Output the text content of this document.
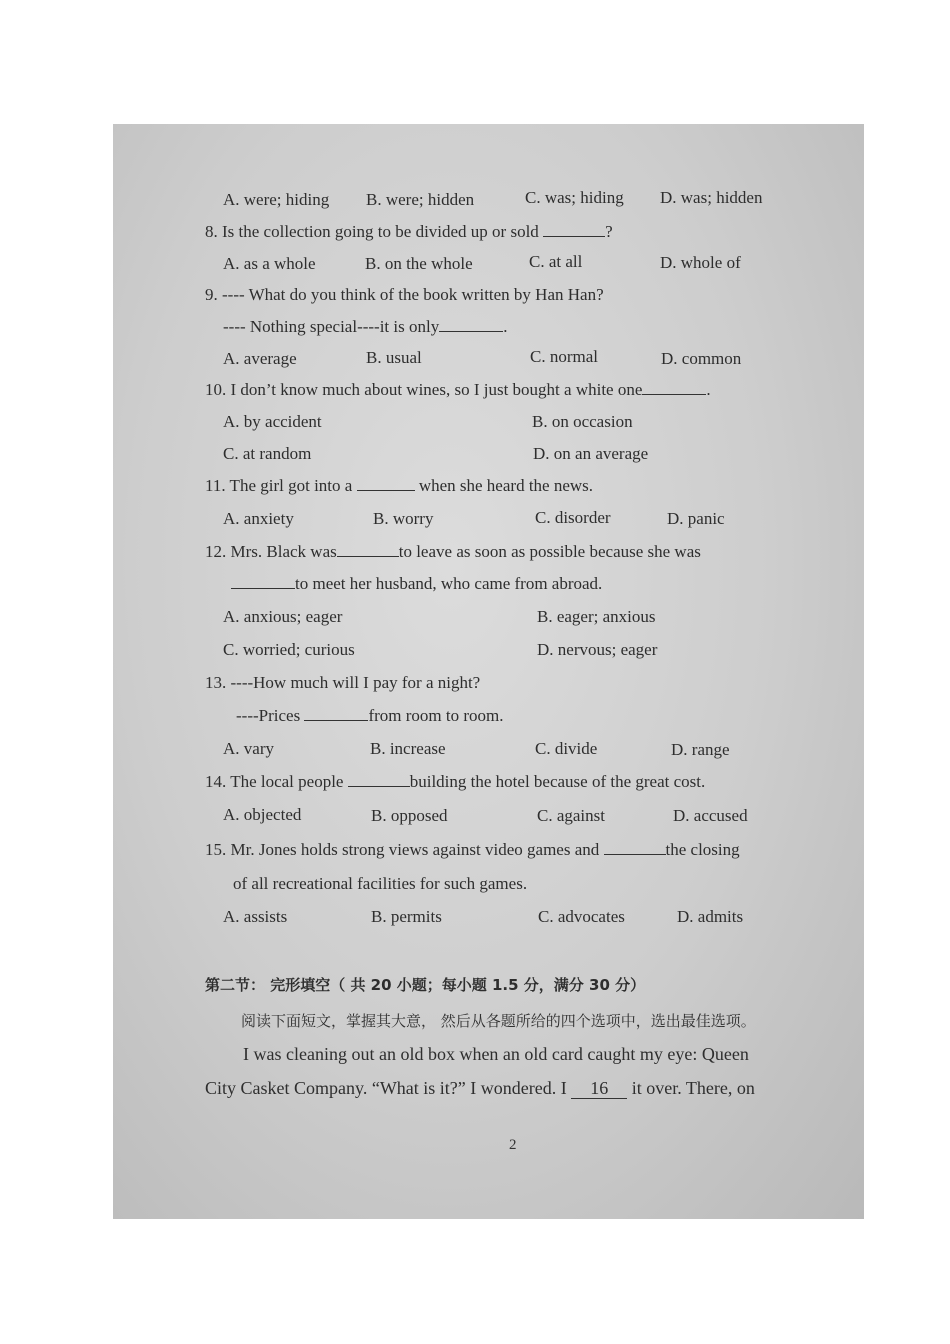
A. were; hiding B. were; hidden	C. was; hiding D. was; hidden
8. Is the collection going to be divided up or sold	?
A. as a whole	B. on the whole	C. at all	D. whole of
9. ---- What do you think of the book written by Han Han?
---- Nothing special----it is only	.
A. average	B. usual	C. normal	D. common
10. I don’t know much about wines, so I just bought a white one	.
A. by accident	B. on occasion
C. at random	D. on an average
11. The girl got into a	when she heard the news.
A. anxiety	B. worry	C. disorder	D. panic
12. Mrs. Black was	to leave as soon as possible because she was
to meet her husband, who came from abroad.
A. anxious; eager	B. eager; anxious
C. worried; curious	D. nervous; eager
13. ----How much will I pay for a night?
----Prices	from room to room.
A. vary	B. increase	C. divide	D. range
14. The local people	building the hotel because of the great cost.
A. objected	B. opposed	C. against	D. accused
15. Mr. Jones holds strong views against video games and	the closing
of all recreational facilities for such games.
A. assists	B. permits	C. advocates	D. admits
第二节： 完形填空（ 共 20 小题；每小题 1.5 分，满分 30 分）
阅读下面短文，掌握其大意， 然后从各题所给的四个选项中，选出最佳选项。
I was cleaning out an old box when an old card caught my eye: Queen
City Casket Company. “What is it?” I wondered. I 16 it over. There, on
2
